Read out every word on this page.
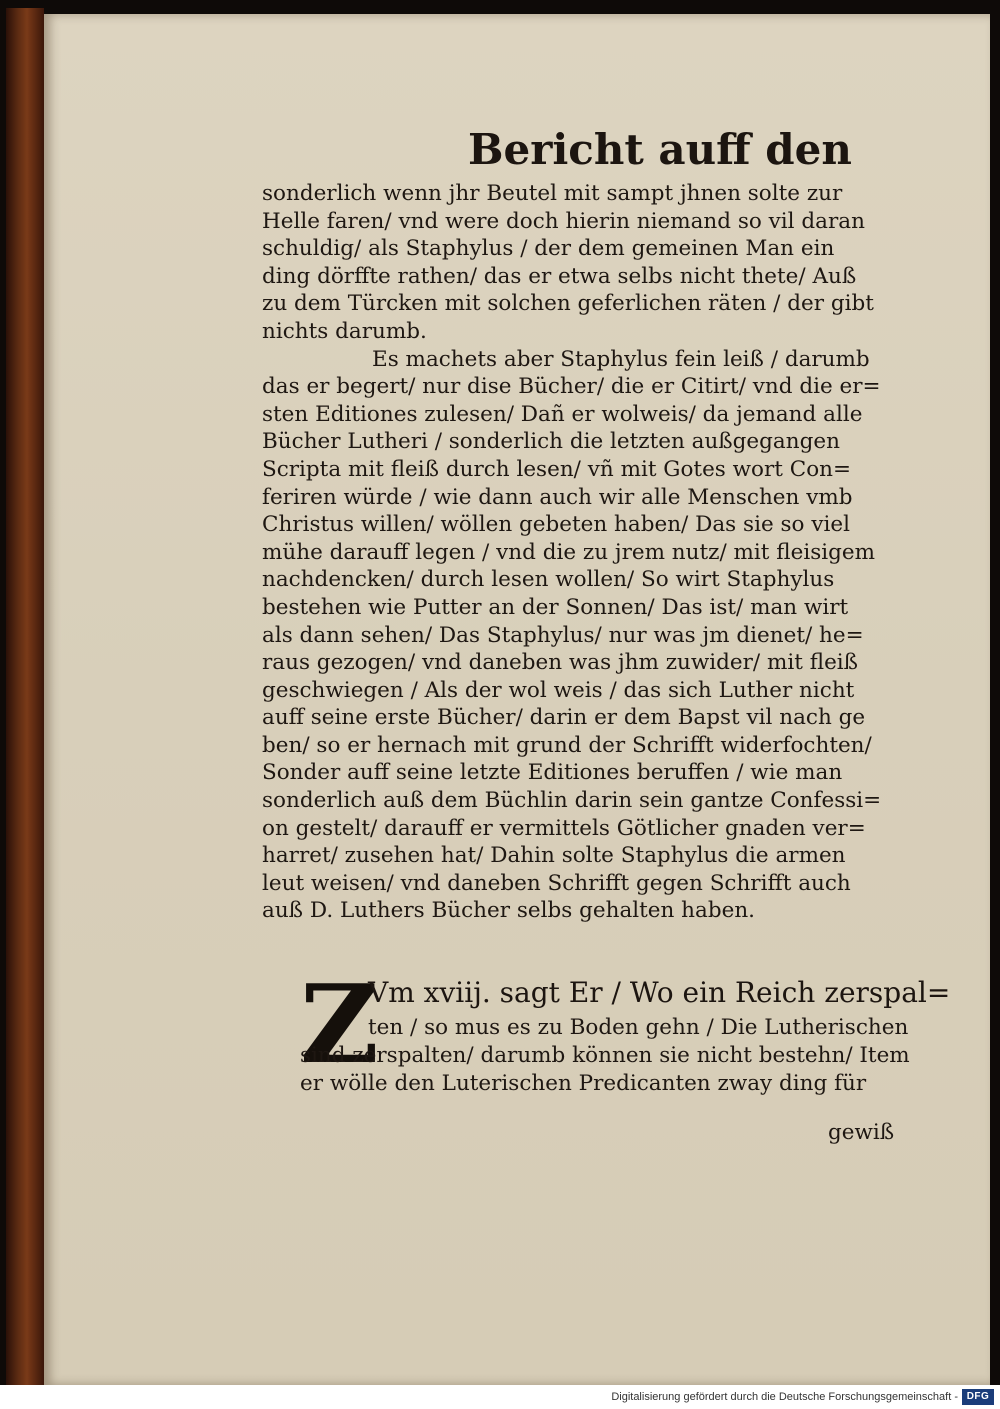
Bericht auff den
sonderlich wenn jhr Beutel mit sampt jhnen solte zur
Helle faren/ vnd were doch hierin niemand so vil daran
schuldig/ als Staphylus / der dem gemeinen Man ein
ding dörffte rathen/ das er etwa selbs nicht thete/ Auß
zu dem Türcken mit solchen geferlichen räten / der gibt
nichts darumb.
Es machets aber Staphylus fein leiß / darumb
das er begert/ nur dise Bücher/ die er Citirt/ vnd die er=
sten Editiones zulesen/ Dañ er wolweis/ da jemand alle
Bücher Lutheri / sonderlich die letzten außgegangen
Scripta mit fleiß durch lesen/ vñ mit Gotes wort Con=
feriren würde / wie dann auch wir alle Menschen vmb
Christus willen/ wöllen gebeten haben/ Das sie so viel
mühe darauff legen / vnd die zu jrem nutz/ mit fleisigem
nachdencken/ durch lesen wollen/ So wirt Staphylus
bestehen wie Putter an der Sonnen/ Das ist/ man wirt
als dann sehen/ Das Staphylus/ nur was jm dienet/ he=
raus gezogen/ vnd daneben was jhm zuwider/ mit fleiß
geschwiegen / Als der wol weis / das sich Luther nicht
auff seine erste Bücher/ darin er dem Bapst vil nach ge
ben/ so er hernach mit grund der Schrifft widerfochten/
Sonder auff seine letzte Editiones beruffen / wie man
sonderlich auß dem Büchlin darin sein gantze Confessi=
on gestelt/ darauff er vermittels Götlicher gnaden ver=
harret/ zusehen hat/ Dahin solte Staphylus die armen
leut weisen/ vnd daneben Schrifft gegen Schrifft auch
auß D. Luthers Bücher selbs gehalten haben.
Z
Vm xviij. sagt Er / Wo ein Reich zerspal=
ten / so mus es zu Boden gehn / Die Lutherischen
sind zerspalten/ darumb können sie nicht bestehn/ Item
er wölle den Luterischen Predicanten zway ding für
gewiß
Digitalisierung gefördert durch die Deutsche Forschungsgemeinschaft - DFG
